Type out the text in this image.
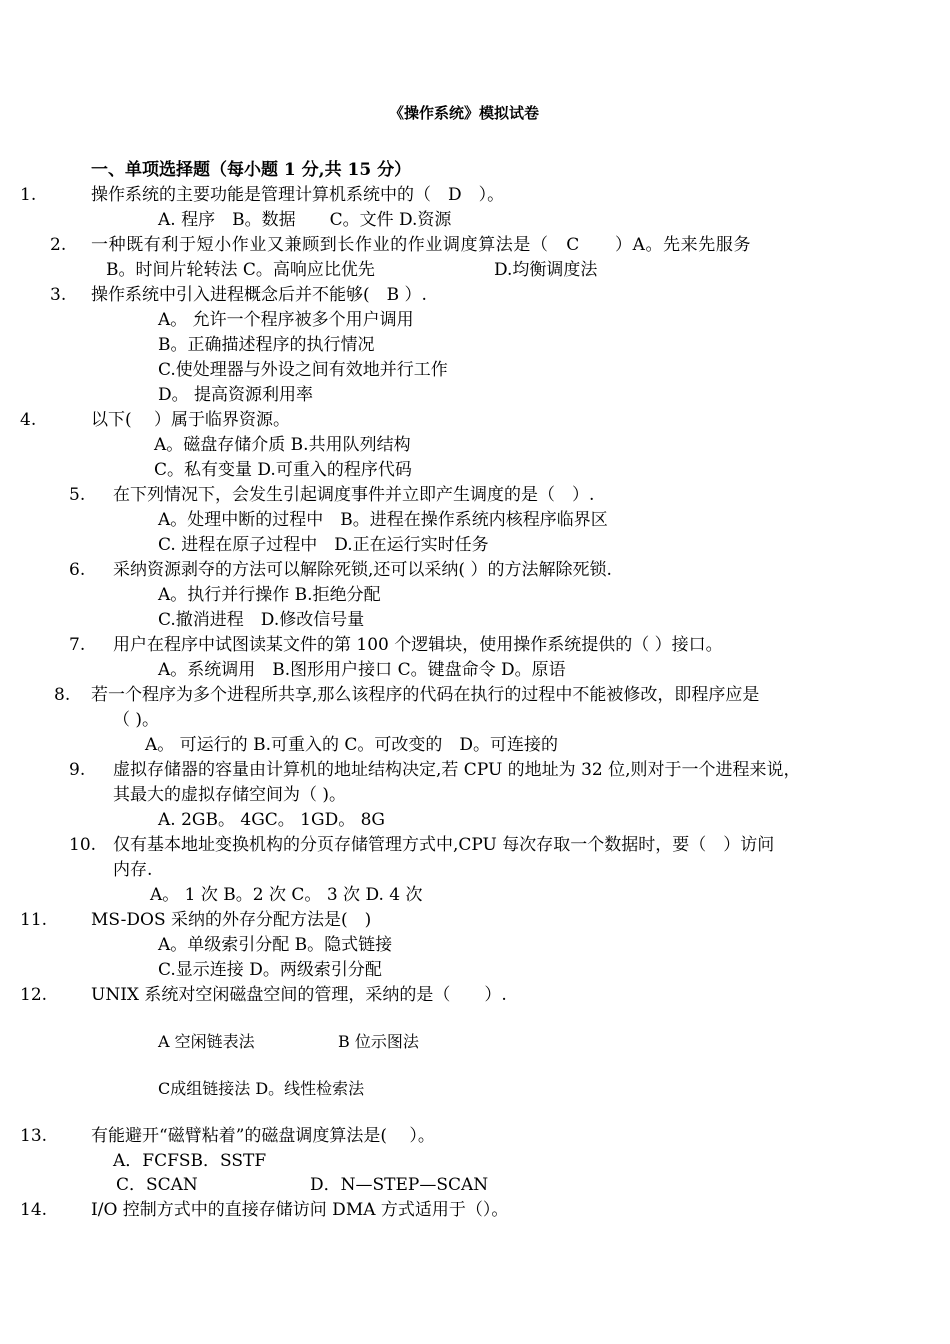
《操作系统》模拟试卷
一、单项选择题（每小题 1 分,共 15 分）
1.	操作系统的主要功能是管理计算机系统中的（　D　）。
A. 程序　B。数据　　C。文件 D.资源
2. 一种既有利于短小作业又兼顾到长作业的作业调度算法是（　C　　）A。先来先服务
B。时间片轮转法 C。高响应比优先	D.均衡调度法
3. 操作系统中引入进程概念后并不能够(　B ）.
A。 允许一个程序被多个用户调用
B。正确描述程序的执行情况
C.使处理器与外设之间有效地并行工作
D。 提高资源利用率
4.	以下(　 ）属于临界资源。
A。磁盘存储介质 B.共用队列结构
C。私有变量 D.可重入的程序代码
5. 在下列情况下，会发生引起调度事件并立即产生调度的是（　）.
A。处理中断的过程中　B。进程在操作系统内核程序临界区
C. 进程在原子过程中　D.正在运行实时任务
6. 采纳资源剥夺的方法可以解除死锁,还可以采纳( ）的方法解除死锁.
A。执行并行操作 B.拒绝分配
C.撤消进程　D.修改信号量
7. 用户在程序中试图读某文件的第 100 个逻辑块，使用操作系统提供的（ ）接口。
A。系统调用　B.图形用户接口 C。键盘命令 D。原语
8. 若一个程序为多个进程所共享,那么该程序的代码在执行的过程中不能被修改，即程序应是
（ )。
A。 可运行的 B.可重入的 C。可改变的　D。可连接的
9. 虚拟存储器的容量由计算机的地址结构决定,若 CPU 的地址为 32 位,则对于一个进程来说，
其最大的虚拟存储空间为（ )。
A. 2GB。 4GC。 1GD。 8G
10. 仅有基本地址变换机构的分页存储管理方式中,CPU 每次存取一个数据时，要（　）访问
内存.
A。 1 次 B。2 次 C。 3 次 D. 4 次
11.	MS-DOS 采纳的外存分配方法是(　)
A。单级索引分配 B。隐式链接
C.显示连接 D。两级索引分配
12.	UNIX 系统对空闲磁盘空间的管理，采纳的是（　　）.
A 空闲链表法	B 位示图法
C成组链接法 D。线性检索法
13.	有能避开“磁臂粘着”的磁盘调度算法是(　 ）。
A．FCFSB．SSTF
C．SCAN	D．N—STEP—SCAN
14.	I/O 控制方式中的直接存储访问 DMA 方式适用于（）。
